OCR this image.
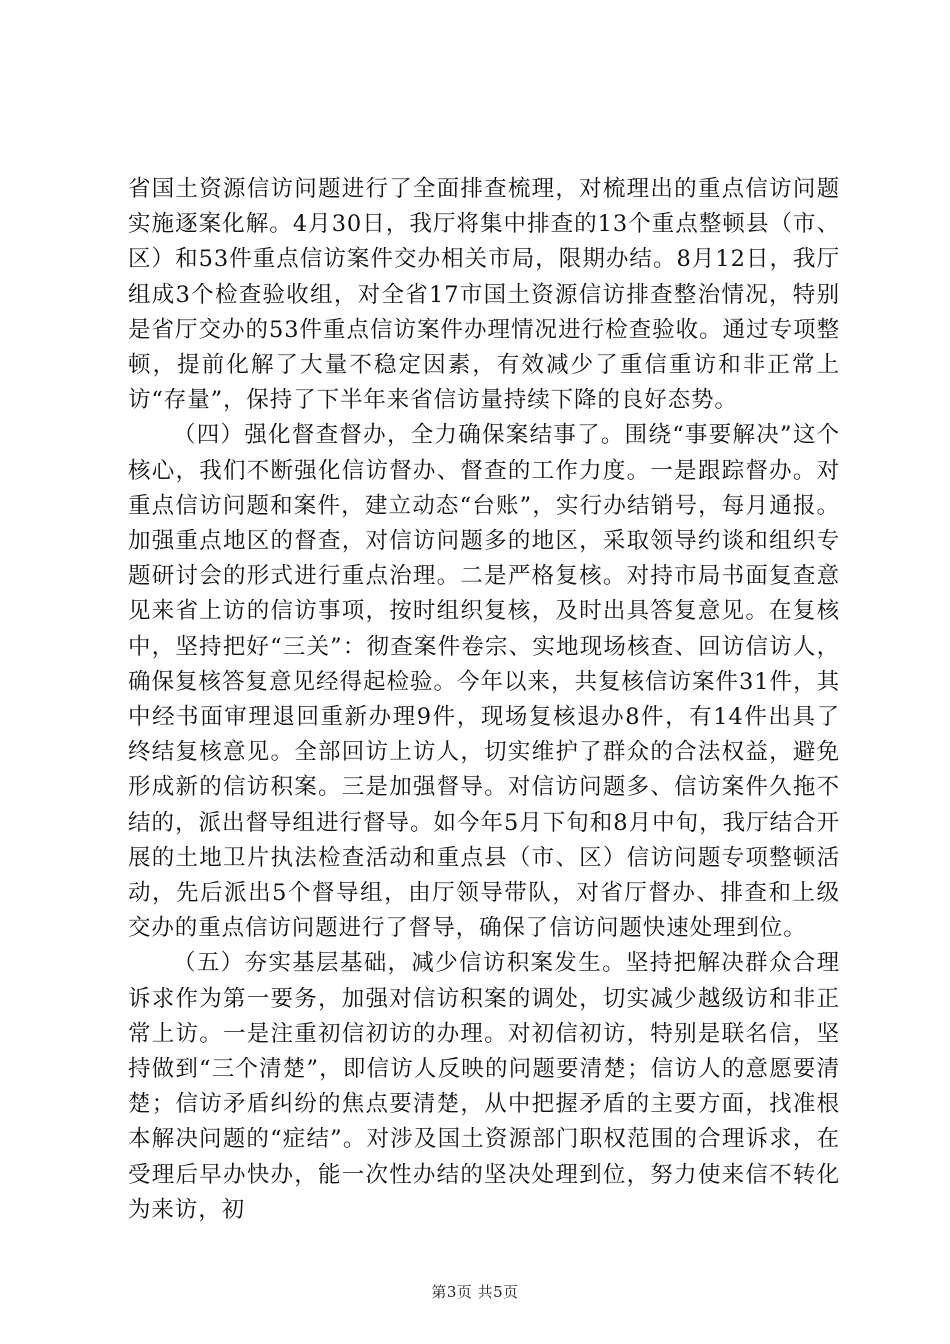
省国土资源信访问题进行了全面排查梳理，对梳理出的重点信访问题实施逐案化解。4月30日，我厅将集中排查的13个重点整顿县（市、区）和53件重点信访案件交办相关市局，限期办结。8月12日，我厅组成3个检查验收组，对全省17市国土资源信访排查整治情况，特别是省厅交办的53件重点信访案件办理情况进行检查验收。通过专项整顿，提前化解了大量不稳定因素，有效减少了重信重访和非正常上访“存量”，保持了下半年来省信访量持续下降的良好态势。

（四）强化督查督办，全力确保案结事了。围绕“事要解决”这个核心，我们不断强化信访督办、督查的工作力度。一是跟踪督办。对重点信访问题和案件，建立动态“台账”，实行办结销号，每月通报。加强重点地区的督查，对信访问题多的地区，采取领导约谈和组织专题研讨会的形式进行重点治理。二是严格复核。对持市局书面复查意见来省上访的信访事项，按时组织复核，及时出具答复意见。在复核中，坚持把好“三关”：彻查案件卷宗、实地现场核查、回访信访人，确保复核答复意见经得起检验。今年以来，共复核信访案件31件，其中经书面审理退回重新办理9件，现场复核退办8件，有14件出具了终结复核意见。全部回访上访人，切实维护了群众的合法权益，避免形成新的信访积案。三是加强督导。对信访问题多、信访案件久拖不结的，派出督导组进行督导。如今年5月下旬和8月中旬，我厅结合开展的土地卫片执法检查活动和重点县（市、区）信访问题专项整顿活动，先后派出5个督导组，由厅领导带队，对省厅督办、排查和上级交办的重点信访问题进行了督导，确保了信访问题快速处理到位。

（五）夯实基层基础，减少信访积案发生。坚持把解决群众合理诉求作为第一要务，加强对信访积案的调处，切实减少越级访和非正常上访。一是注重初信初访的办理。对初信初访，特别是联名信，坚持做到“三个清楚”，即信访人反映的问题要清楚；信访人的意愿要清楚；信访矛盾纠纷的焦点要清楚，从中把握矛盾的主要方面，找准根本解决问题的“症结”。对涉及国土资源部门职权范围的合理诉求，在受理后早办快办，能一次性办结的坚决处理到位，努力使来信不转化为来访，初

第3页 共5页
